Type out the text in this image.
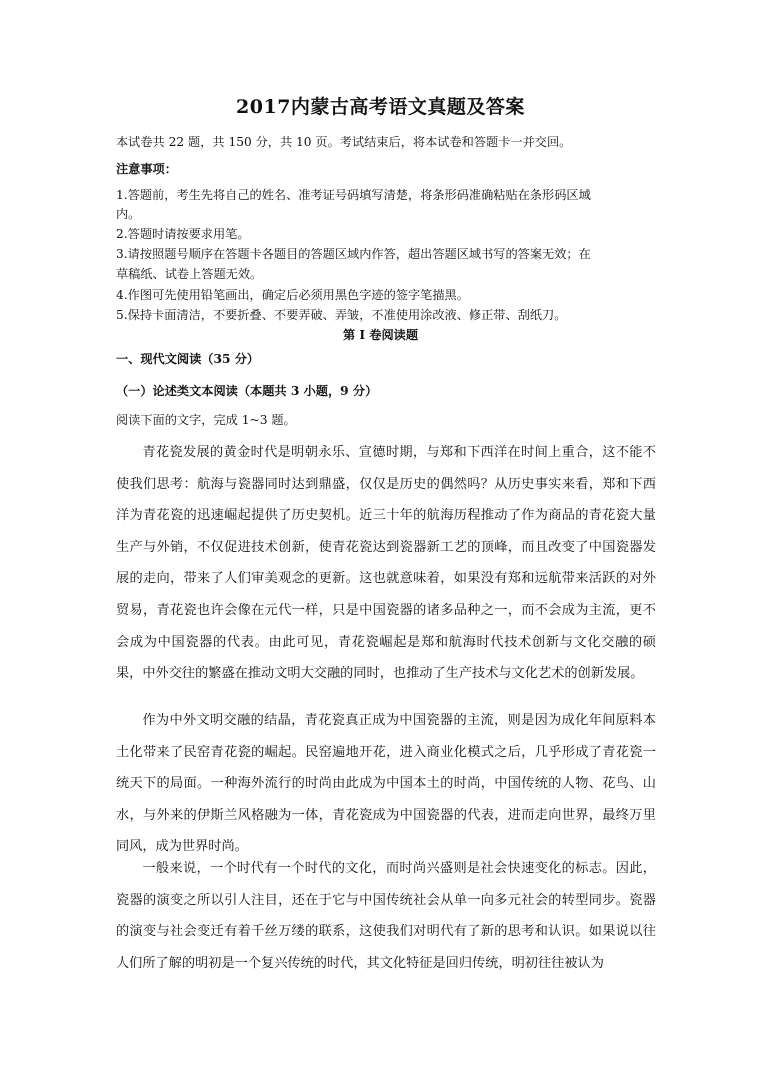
2017内蒙古高考语文真题及答案
本试卷共 22 题，共 150 分，共 10 页。考试结束后，将本试卷和答题卡一并交回。
注意事项：
1.答题前，考生先将自己的姓名、准考证号码填写清楚，将条形码准确粘贴在条形码区域
内。
2.答题时请按要求用笔。
3.请按照题号顺序在答题卡各题目的答题区域内作答，超出答题区域书写的答案无效；在
草稿纸、试卷上答题无效。
4.作图可先使用铅笔画出，确定后必须用黑色字迹的签字笔描黑。
5.保持卡面清洁，不要折叠、不要弄破、弄皱，不准使用涂改液、修正带、刮纸刀。
第 I 卷阅读题
一、现代文阅读（35 分）
（一）论述类文本阅读（本题共 3 小题，9 分）
阅读下面的文字，完成 1~3 题。

青花瓷发展的黄金时代是明朝永乐、宣德时期，与郑和下西洋在时间上重合，这不能不使我们思考：航海与瓷器同时达到鼎盛，仅仅是历史的偶然吗？从历史事实来看，郑和下西洋为青花瓷的迅速崛起提供了历史契机。近三十年的航海历程推动了作为商品的青花瓷大量生产与外销，不仅促进技术创新，使青花瓷达到瓷器新工艺的顶峰，而且改变了中国瓷器发展的走向，带来了人们审美观念的更新。这也就意味着，如果没有郑和远航带来活跃的对外贸易，青花瓷也许会像在元代一样，只是中国瓷器的诸多品种之一，而不会成为主流，更不会成为中国瓷器的代表。由此可见，青花瓷崛起是郑和航海时代技术创新与文化交融的硕果，中外交往的繁盛在推动文明大交融的同时，也推动了生产技术与文化艺术的创新发展。

作为中外文明交融的结晶，青花瓷真正成为中国瓷器的主流，则是因为成化年间原料本土化带来了民窑青花瓷的崛起。民窑遍地开花，进入商业化模式之后，几乎形成了青花瓷一统天下的局面。一种海外流行的时尚由此成为中国本土的时尚，中国传统的人物、花鸟、山水，与外来的伊斯兰风格融为一体，青花瓷成为中国瓷器的代表，进而走向世界，最终万里同风，成为世界时尚。

一般来说，一个时代有一个时代的文化，而时尚兴盛则是社会快速变化的标志。因此，瓷器的演变之所以引人注目，还在于它与中国传统社会从单一向多元社会的转型同步。瓷器的演变与社会变迁有着千丝万缕的联系，这使我们对明代有了新的思考和认识。如果说以往人们所了解的明初是一个复兴传统的时代，其文化特征是回归传统，明初往往被认为
